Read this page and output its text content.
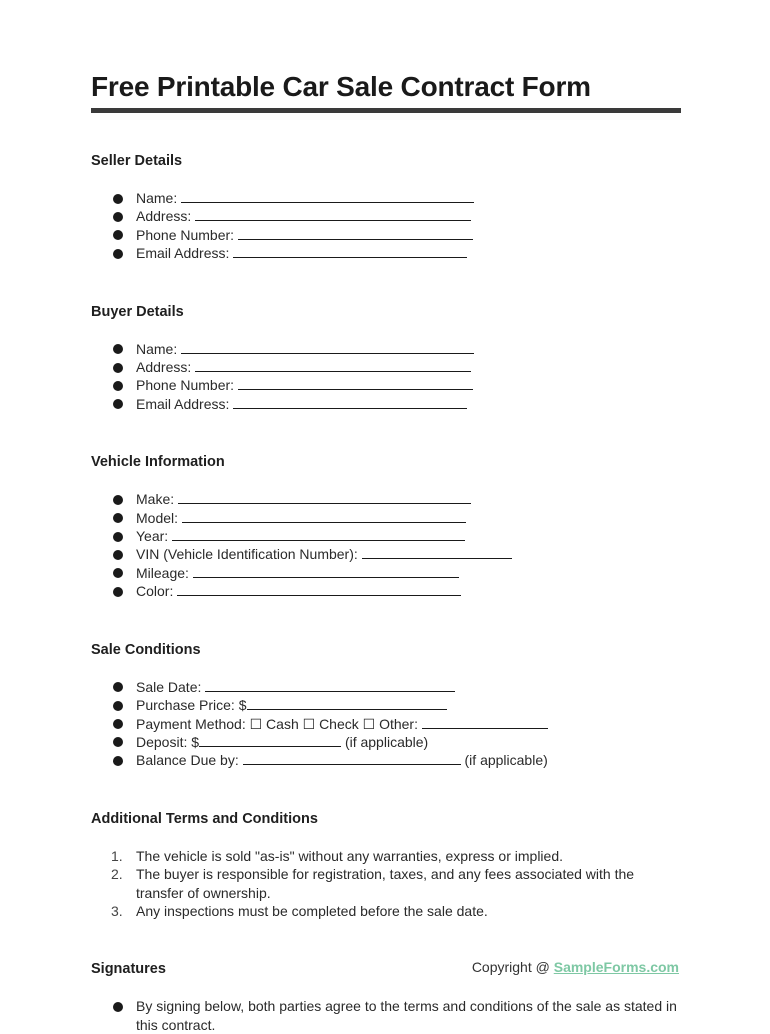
Free Printable Car Sale Contract Form
Seller Details
Name:
Address:
Phone Number:
Email Address:
Buyer Details
Name:
Address:
Phone Number:
Email Address:
Vehicle Information
Make:
Model:
Year:
VIN (Vehicle Identification Number):
Mileage:
Color:
Sale Conditions
Sale Date:
Purchase Price: $
Payment Method: ☐ Cash ☐ Check ☐ Other:
Deposit: $	(if applicable)
Balance Due by:	(if applicable)
Additional Terms and Conditions
1. The vehicle is sold "as-is" without any warranties, express or implied.
2. The buyer is responsible for registration, taxes, and any fees associated with the transfer of ownership.
3. Any inspections must be completed before the sale date.
Signatures
By signing below, both parties agree to the terms and conditions of the sale as stated in this contract.
Copyright @ SampleForms.com
